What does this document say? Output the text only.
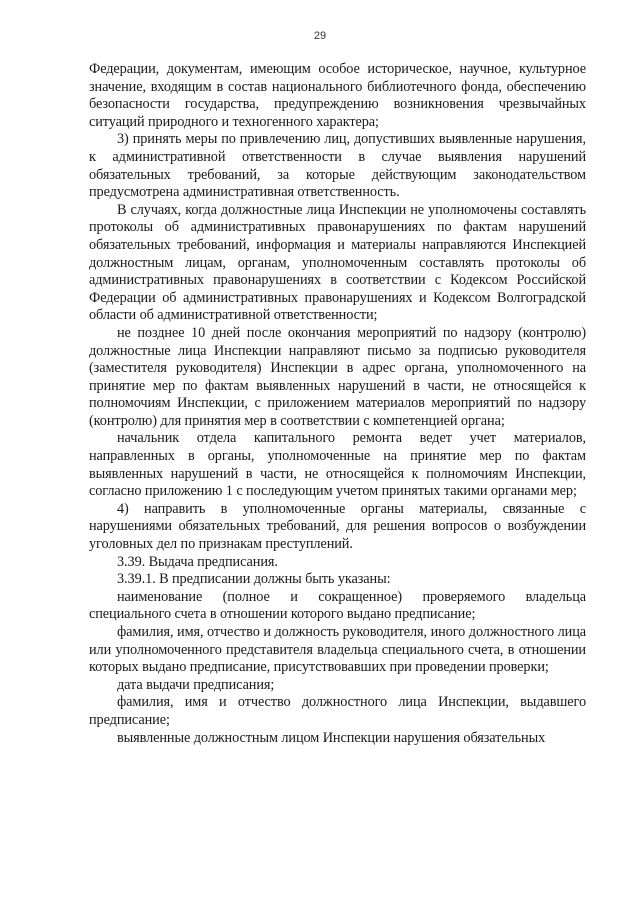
29

Федерации, документам, имеющим особое историческое, научное, культурное значение, входящим в состав национального библиотечного фонда, обеспечению безопасности государства, предупреждению возникновения чрезвычайных ситуаций природного и техногенного характера;

3) принять меры по привлечению лиц, допустивших выявленные нарушения, к административной ответственности в случае выявления нарушений обязательных требований, за которые действующим законодательством предусмотрена административная ответственность.

В случаях, когда должностные лица Инспекции не уполномочены составлять протоколы об административных правонарушениях по фактам нарушений обязательных требований, информация и материалы направляются Инспекцией должностным лицам, органам, уполномоченным составлять протоколы об административных правонарушениях в соответствии с Кодексом Российской Федерации об административных правонарушениях и Кодексом Волгоградской области об административной ответственности;

не позднее 10 дней после окончания мероприятий по надзору (контролю) должностные лица Инспекции направляют письмо за подписью руководителя (заместителя руководителя) Инспекции в адрес органа, уполномоченного на принятие мер по фактам выявленных нарушений в части, не относящейся к полномочиям Инспекции, с приложением материалов мероприятий по надзору (контролю) для принятия мер в соответствии с компетенцией органа;

начальник отдела капитального ремонта ведет учет материалов, направленных в органы, уполномоченные на принятие мер по фактам выявленных нарушений в части, не относящейся к полномочиям Инспекции, согласно приложению 1 с последующим учетом принятых такими органами мер;

4) направить в уполномоченные органы материалы, связанные с нарушениями обязательных требований, для решения вопросов о возбуждении уголовных дел по признакам преступлений.

3.39. Выдача предписания.

3.39.1. В предписании должны быть указаны:

наименование (полное и сокращенное) проверяемого владельца специального счета в отношении которого выдано предписание;

фамилия, имя, отчество и должность руководителя, иного должностного лица или уполномоченного представителя владельца специального счета, в отношении которых выдано предписание, присутствовавших при проведении проверки;

дата выдачи предписания;

фамилия, имя и отчество должностного лица Инспекции, выдавшего предписание;

выявленные должностным лицом Инспекции нарушения обязательных
